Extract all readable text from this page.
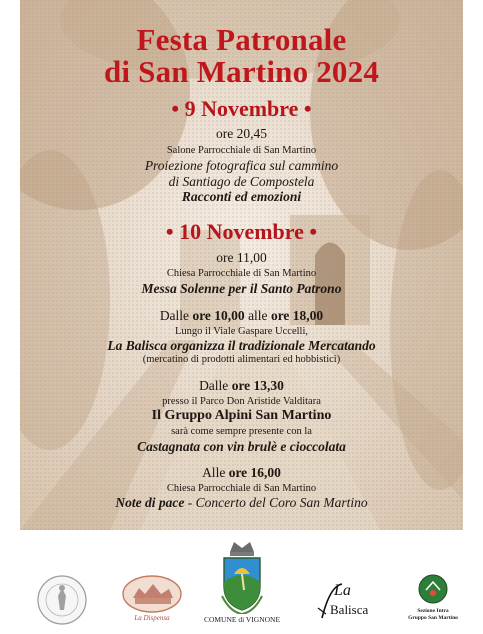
Festa Patronale
di San Martino 2024
• 9 Novembre •
ore 20,45
Salone Parrocchiale di San Martino
Proiezione fotografica sul cammino
di Santiago de Compostela
Racconti ed emozioni
• 10 Novembre •
ore 11,00
Chiesa Parrocchiale di San Martino
Messa Solenne per il Santo Patrono
Dalle ore 10,00 alle ore 18,00
Lungo il Viale Gaspare Uccelli,
La Balisca organizza il tradizionale Mercatando
(mercatino di prodotti alimentari ed hobbistici)
Dalle ore 13,30
presso il Parco Don Aristide Valditara
Il Gruppo Alpini San Martino
sarà come sempre presente con la
Castagnata con vin brulè e cioccolata
Alle ore 16,00
Chiesa Parrocchiale di San Martino
Note di pace - Concerto del Coro San Martino
La Dispensa	COMUNE di VIGNONE
La
Balisca	Sezione Intra
Gruppo San Martino
